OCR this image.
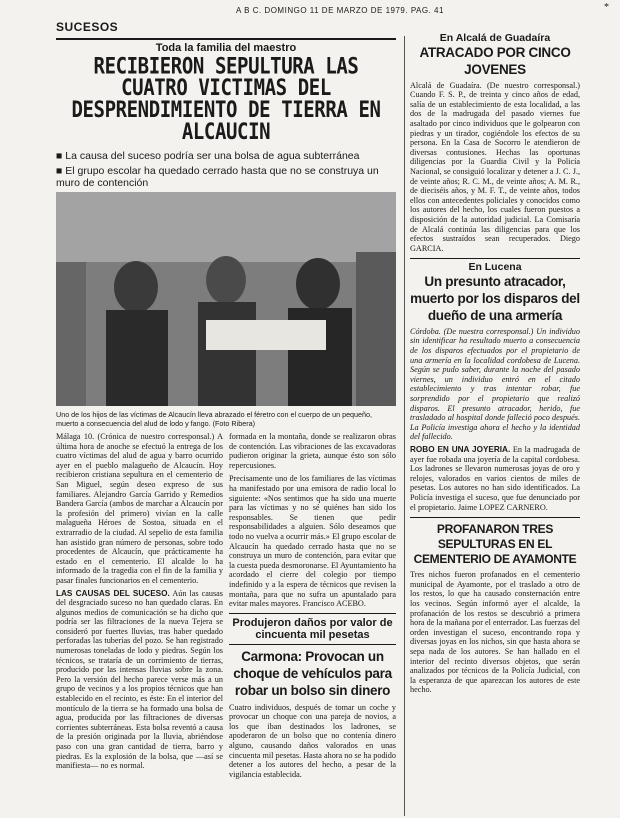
A B C. DOMINGO 11 DE MARZO DE 1979. PAG. 41	*
SUCESOS
Toda la familia del maestro
RECIBIERON SEPULTURA LAS CUATRO VICTIMAS DEL DESPRENDIMIENTO DE TIERRA EN ALCAUCIN
■ La causa del suceso podría ser una bolsa de agua subterránea
■ El grupo escolar ha quedado cerrado hasta que no se construya un muro de contención
Uno de los hijos de las víctimas de Alcaucín lleva abrazado el féretro con el cuerpo de un pequeño, muerto a consecuencia del alud de lodo y fango. (Foto Ribera)
Málaga 10. (Crónica de nuestro corresponsal.) A última hora de anoche se efectuó la entrega de los cuatro víctimas del alud de agua y barro ocurrido ayer en el pueblo malagueño de Alcaucín. Hoy recibieron cristiana sepultura en el cementerio de San Miguel, según deseo expreso de sus familiares. Alejandro García Garrido y Remedios Bandera García (ambos de marchar a Alcaucín por la profesión del primero) vivían en la calle malagueña Héroes de Sostoa, situada en el extrarradio de la ciudad. Al sepelio de esta familia han asistido gran número de personas, sobre todo procedentes de Alcaucín, que prácticamente ha estado en el cementerio. El alcalde lo ha informado de la tragedia con el fin de la familia y pasar finales funcionarios en el cementerio.
LAS CAUSAS DEL SUCESO. Aún las causas del desgraciado suceso no han quedado claras. En algunos medios de comunicación se ha dicho que podría ser las filtraciones de la nueva Tejera se consideró por fuertes lluvias, tras haber quedado perforadas las tuberías del pozo. Se han registrado numerosas toneladas de lodo y piedras. Según los técnicos, se trataría de un corrimiento de tierras, producido por las intensas lluvias sobre la zona. Pero la versión del hecho parece verse más a un grupo de vecinos y a los propios técnicos que han establecido en el recinto, es éste: En el interior del montículo de la tierra se ha formado una bolsa de agua, producida por las filtraciones de diversas corrientes subterráneas. Esta bolsa reventó a causa de la presión originada por la lluvia, abriéndose paso con una gran cantidad de tierra, barro y piedras. Es la explosión de la bolsa, que —así se manifiesta— no es normal.
formada en la montaña, donde se realizaron obras de contención. Las vibraciones de las excavadoras pudieron originar la grieta, aunque ésto son sólo repercusiones.
Precisamente uno de los familiares de las víctimas ha manifestado por una emisora de radio local lo siguiente: «Nos sentimos que ha sido una muerte para las víctimas y no sé quiénes han sido los responsables. Se tienen que pedir responsabilidades a alguien. Sólo deseamos que todo no vuelva a ocurrir más.» El grupo escolar de Alcaucín ha quedado cerrado hasta que no se construya un muro de contención, para evitar que la cuesta pueda desmoronarse. El Ayuntamiento ha acordado el cierre del colegio por tiempo indefinido y a la espera de técnicos que revisen la montaña, para que no sufra un apuntalado para evitar males mayores. Francisco ACEBO.
Produjeron daños por valor de cincuenta mil pesetas
Carmona: Provocan un choque de vehículos para robar un bolso sin dinero
Cuatro individuos, después de tomar un coche y provocar un choque con una pareja de novios, a los que iban destinados los ladrones, se apoderaron de un bolso que no contenía dinero alguno, causando daños valorados en unas cincuenta mil pesetas. Hasta ahora no se ha podido detener a los autores del hecho, a pesar de la vigilancia establecida.
En Alcalá de Guadaíra
ATRACADO POR CINCO JOVENES
Alcalá de Guadaíra. (De nuestro corresponsal.) Cuando F. S. P., de treinta y cinco años de edad, salía de un establecimiento de esta localidad, a las dos de la madrugada del pasado viernes fue asaltado por cinco individuos que le golpearon con piedras y un tirador, cogiéndole los efectos de su persona. En la Casa de Socorro le atendieron de diversas contusiones. Hechas las oportunas diligencias por la Guardia Civil y la Policía Nacional, se consiguió localizar y detener a J. C. J., de veinte años; R. C. M., de veinte años; A. M. R., de dieciséis años, y M. F. T., de veinte años, todos ellos con antecedentes policiales y conocidos como los autores del hecho, los cuales fueron puestos a disposición de la autoridad judicial. La Comisaría de Alcalá continúa las diligencias para que los efectos sustraídos sean recuperados. Diego GARCIA.
En Lucena
Un presunto atracador, muerto por los disparos del dueño de una armería
Córdoba. (De nuestra corresponsal.) Un individuo sin identificar ha resultado muerto a consecuencia de los disparos efectuados por el propietario de una armería en la localidad cordobesa de Lucena. Según se pudo saber, durante la noche del pasado viernes, un individuo entró en el citado establecimiento y tras intentar robar, fue sorprendido por el propietario que realizó disparos. El presunto atracador, herido, fue trasladado al hospital donde falleció poco después. La Policía investiga ahora el hecho y la identidad del fallecido.
ROBO EN UNA JOYERIA. En la madrugada de ayer fue robada una joyería de la capital cordobesa. Los ladrones se llevaron numerosas joyas de oro y relojes, valorados en varios cientos de miles de pesetas. Los autores no han sido identificados. La Policía investiga el suceso, que fue denunciado por el propietario. Jaime LOPEZ CARNERO.
PROFANARON TRES SEPULTURAS EN EL CEMENTERIO DE AYAMONTE
Tres nichos fueron profanados en el cementerio municipal de Ayamonte, por el traslado a otro de los restos, lo que ha causado consternación entre los vecinos. Según informó ayer el alcalde, la profanación de los restos se descubrió a primera hora de la mañana por el enterrador. Las fuerzas del orden investigan el suceso, encontrando ropa y diversas joyas en los nichos, sin que hasta ahora se sepa nada de los autores. Se han hallado en el interior del recinto diversos objetos, que serán analizados por técnicos de la Policía Judicial, con la esperanza de que aparezcan los autores de este hecho.
